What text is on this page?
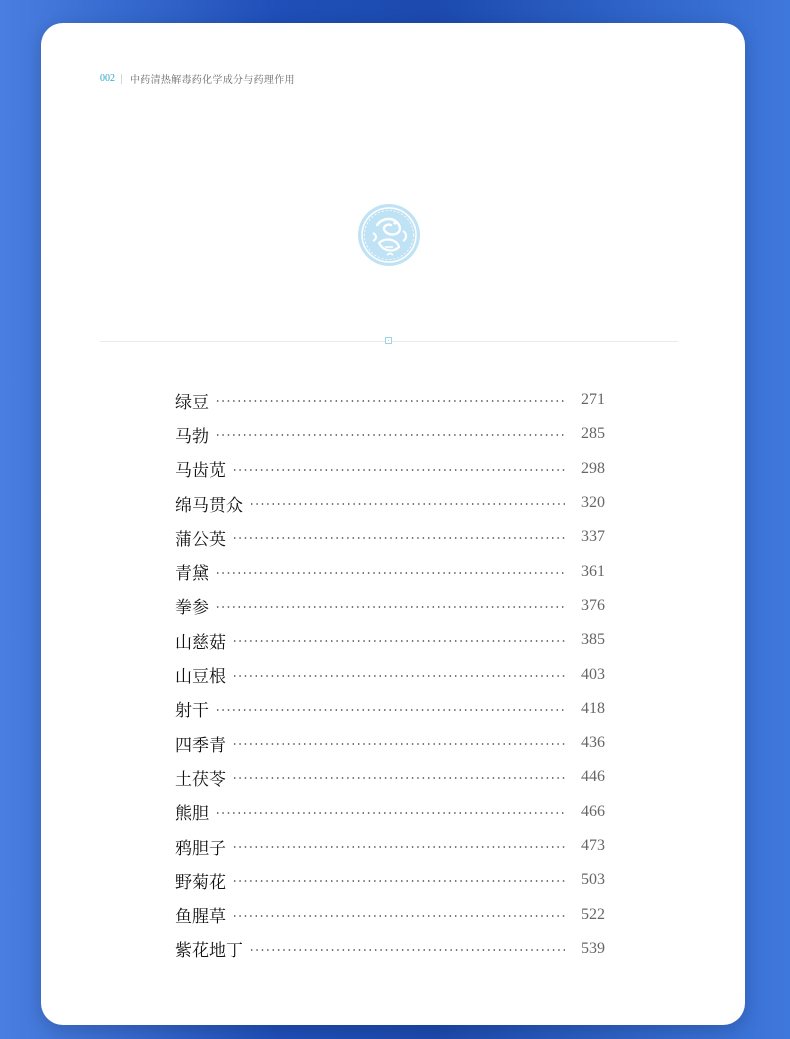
002 中药清热解毒药化学成分与药理作用
绿豆	271
马勃	285
马齿苋	298
绵马贯众	320
蒲公英	337
青黛	361
拳参	376
山慈菇	385
山豆根	403
射干	418
四季青	436
土茯苓	446
熊胆	466
鸦胆子	473
野菊花	503
鱼腥草	522
紫花地丁	539
